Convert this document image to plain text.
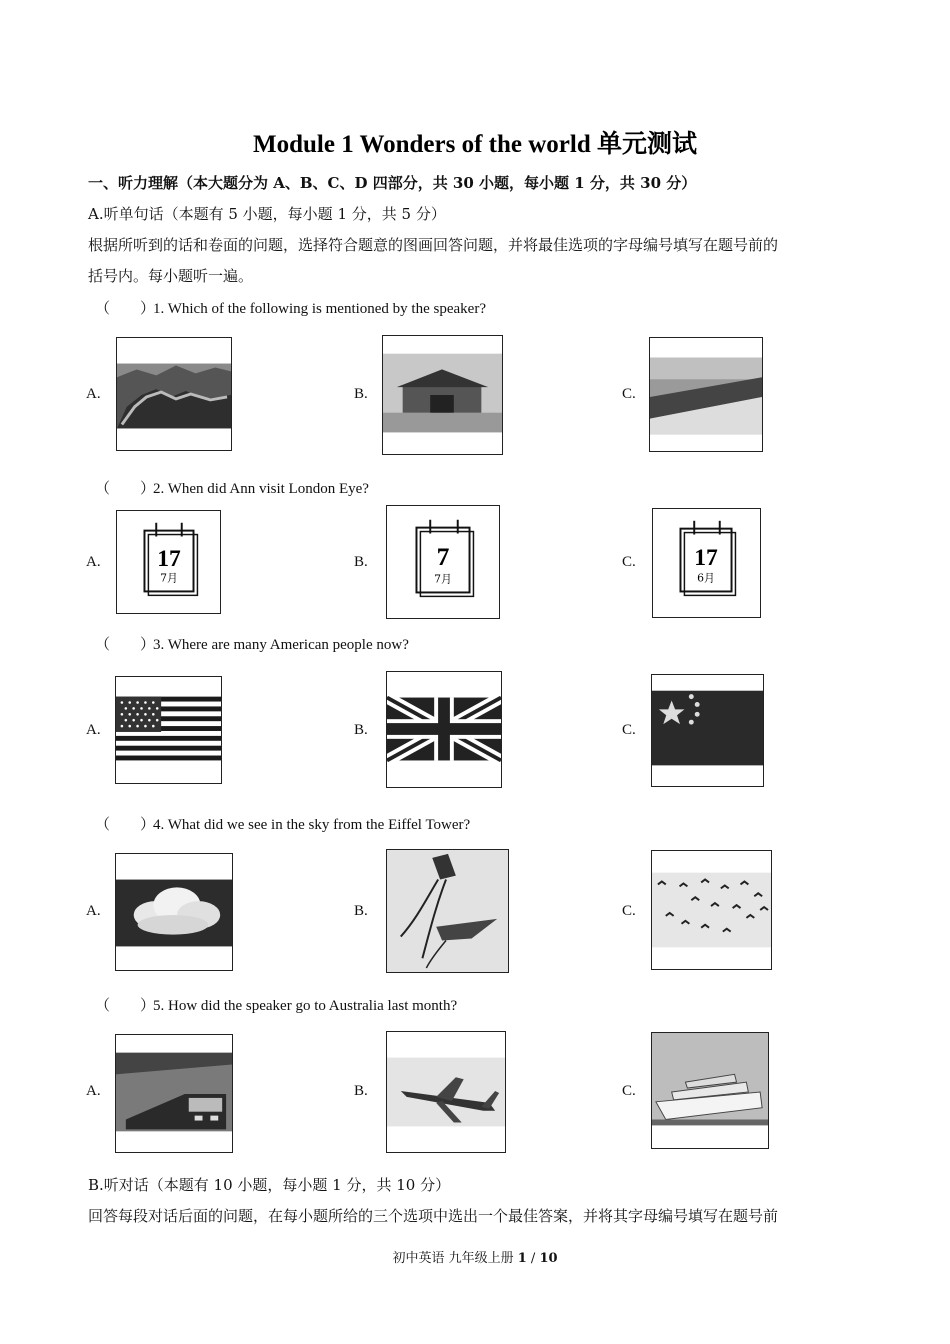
Module 1 Wonders of the world 单元测试
一、听力理解（本大题分为 A、B、C、D 四部分，共 30 小题，每小题 1 分，共 30 分）
A.听单句话（本题有 5 小题，每小题 1 分，共 5 分）
根据所听到的话和卷面的问题，选择符合题意的图画回答问题，并将最佳选项的字母编号填写在题号前的
括号内。每小题听一遍。
（　　）1. Which of the following is mentioned by the speaker?
A.	B.	C.
（　　）2. When did Ann visit London Eye?
A. 17
7月
B.	7
7月
C. 17
6月
（　　）3. Where are many American people now?
A.	B.	C.
（　　）4. What did we see in the sky from the Eiffel Tower?
A.	B.	C.
（　　）5. How did the speaker go to Australia last month?
A.	B.	C.
B.听对话（本题有 10 小题，每小题 1 分，共 10 分）
回答每段对话后面的问题，在每小题所给的三个选项中选出一个最佳答案，并将其字母编号填写在题号前
初中英语 九年级上册 1 / 10
